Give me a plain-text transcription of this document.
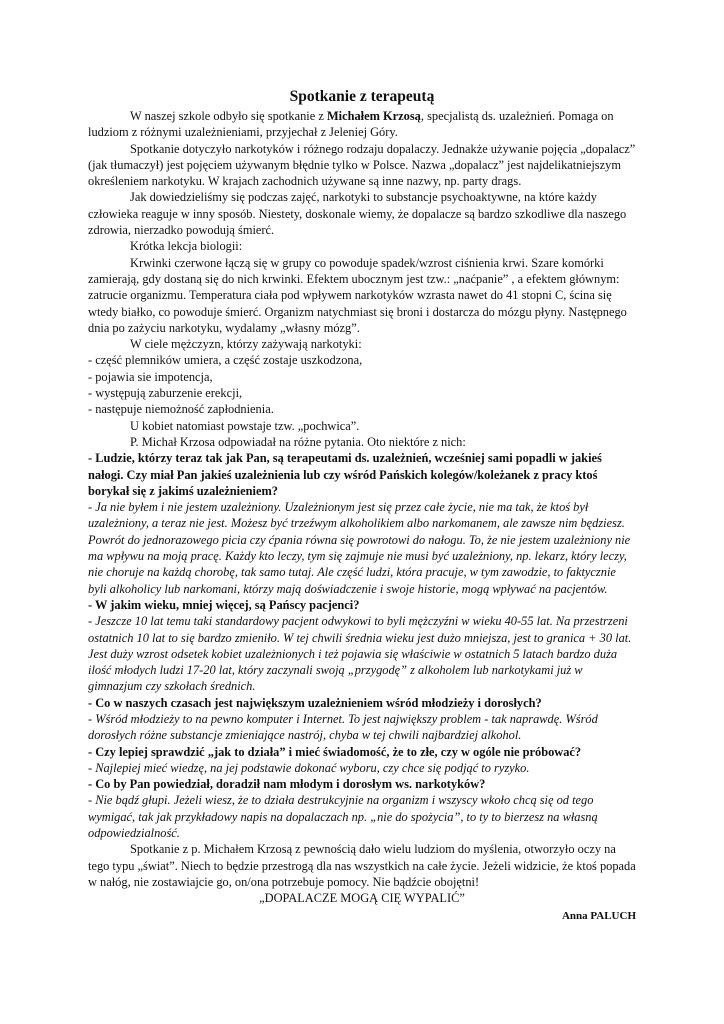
Spotkanie z terapeutą

W naszej szkole odbyło się spotkanie z Michałem Krzosą, specjalistą ds. uzależnień. Pomaga on ludziom z różnymi uzależnieniami, przyjechał z Jeleniej Góry.

Spotkanie dotyczyło narkotyków i różnego rodzaju dopalaczy. Jednakże używanie pojęcia „dopalacz” (jak tłumaczył) jest pojęciem używanym błędnie tylko w Polsce. Nazwa „dopalacz” jest najdelikatniejszym określeniem narkotyku. W krajach zachodnich używane są inne nazwy, np. party drags.

Jak dowiedzieliśmy się podczas zajęć, narkotyki to substancje psychoaktywne, na które każdy człowieka reaguje w inny sposób. Niestety, doskonale wiemy, że dopalacze są bardzo szkodliwe dla naszego zdrowia, nierzadko powodują śmierć.

Krótka lekcja biologii:

Krwinki czerwone łączą się w grupy co powoduje spadek/wzrost ciśnienia krwi. Szare komórki zamierają, gdy dostaną się do nich krwinki. Efektem ubocznym jest tzw.: „naćpanie” , a efektem głównym: zatrucie organizmu. Temperatura ciała pod wpływem narkotyków wzrasta nawet do 41 stopni C, ścina się wtedy białko, co powoduje śmierć. Organizm natychmiast się broni i dostarcza do mózgu płyny. Następnego dnia po zażyciu narkotyku, wydalamy „własny mózg”.

W ciele mężczyzn, którzy zażywają narkotyki:

- część plemników umiera, a część zostaje uszkodzona,

- pojawia sie impotencja,

- występują zaburzenie erekcji,

- następuje niemożność zapłodnienia.

U kobiet natomiast powstaje tzw. „pochwica”.

P. Michał Krzosa odpowiadał na różne pytania. Oto niektóre z nich:

- Ludzie, którzy teraz tak jak Pan, są terapeutami ds. uzależnień, wcześniej sami popadli w jakieś nałogi. Czy miał Pan jakieś uzależnienia lub czy wśród Pańskich kolegów/koleżanek z pracy ktoś borykał się z jakimś uzależnieniem?

- Ja nie byłem i nie jestem uzależniony. Uzależnionym jest się przez całe życie, nie ma tak, że ktoś był uzależniony, a teraz nie jest. Możesz być trzeźwym alkoholikiem albo narkomanem, ale zawsze nim będziesz. Powrót do jednorazowego picia czy ćpania równa się powrotowi do nałogu. To, że nie jestem uzależniony nie ma wpływu na moją pracę. Każdy kto leczy, tym się zajmuje nie musi być uzależniony, np. lekarz, który leczy, nie choruje na każdą chorobę, tak samo tutaj. Ale część ludzi, która pracuje, w tym zawodzie, to faktycznie byli alkoholicy lub narkomani, którzy mają doświadczenie i swoje historie, mogą wpływać na pacjentów.

- W jakim wieku, mniej więcej, są Pańscy pacjenci?

- Jeszcze 10 lat temu taki standardowy pacjent odwykowi to byli mężczyźni w wieku 40-55 lat. Na przestrzeni ostatnich 10 lat to się bardzo zmieniło. W tej chwili średnia wieku jest dużo mniejsza, jest to granica + 30 lat. Jest duży wzrost odsetek kobiet uzależnionych i też pojawia się właściwie w ostatnich 5 latach bardzo duża ilość młodych ludzi 17-20 lat, który zaczynali swoją „przygodę” z alkoholem lub narkotykami już w gimnazjum czy szkołach średnich.

- Co w naszych czasach jest największym uzależnieniem wśród młodzieży i dorosłych?

- Wśród młodzieży to na pewno komputer i Internet. To jest największy problem - tak naprawdę. Wśród dorosłych różne substancje zmieniające nastrój, chyba w tej chwili najbardziej alkohol.

- Czy lepiej sprawdzić „jak to działa” i mieć świadomość, że to złe, czy w ogóle nie próbować?

- Najlepiej mieć wiedzę, na jej podstawie dokonać wyboru, czy chce się podjąć to ryzyko.

- Co by Pan powiedział, doradził nam młodym i dorosłym ws. narkotyków?

- Nie bądź głupi. Jeżeli wiesz, że to działa destrukcyjnie na organizm i wszyscy wkoło chcą się od tego wymigać, tak jak przykładowy napis na dopalaczach np. „nie do spożycia”, to ty to bierzesz na własną odpowiedzialność.

Spotkanie z p. Michałem Krzosą z pewnością dało wielu ludziom do myślenia, otworzyło oczy na tego typu „świat”. Niech to będzie przestrogą dla nas wszystkich na całe życie. Jeżeli widzicie, że ktoś popada w nałóg, nie zostawiajcie go, on/ona potrzebuje pomocy. Nie bądźcie obojętni!

„DOPALACZE MOGĄ CIĘ WYPALIĆ”

Anna PALUCH
